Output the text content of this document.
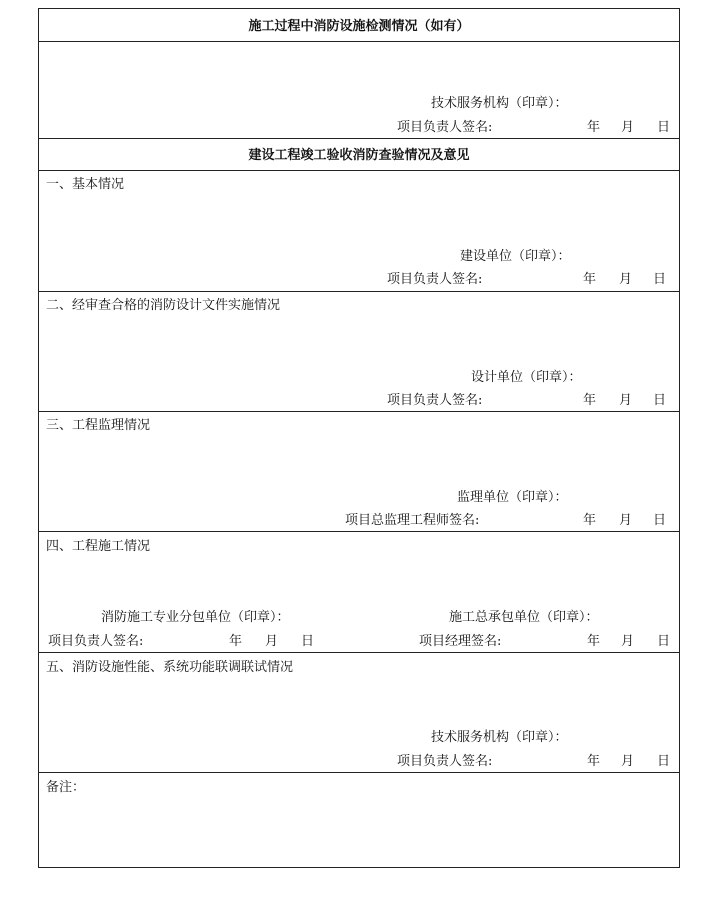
施工过程中消防设施检测情况（如有）
技术服务机构（印章）：
项目负责人签名:	年 月 日
建设工程竣工验收消防查验情况及意见
一、基本情况
建设单位（印章）：
项目负责人签名:	年 月 日
二、经审查合格的消防设计文件实施情况
设计单位（印章）：
项目负责人签名:	年 月 日
三、工程监理情况
监理单位（印章）：
项目总监理工程师签名:	年 月 日
四、工程施工情况
消防施工专业分包单位（印章）：
项目负责人签名:	年 月 日
施工总承包单位（印章）：
项目经理签名:	年 月 日
五、消防设施性能、系统功能联调联试情况
技术服务机构（印章）：
项目负责人签名:	年 月 日
备注：
